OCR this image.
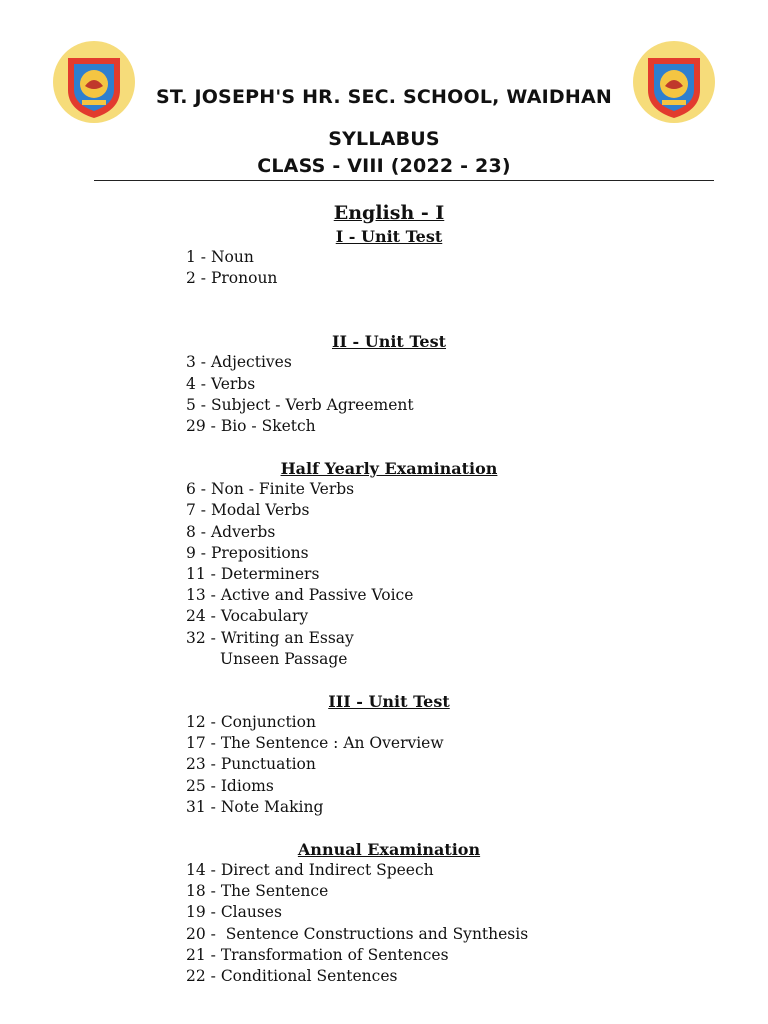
ST. JOSEPH'S HR. SEC. SCHOOL, WAIDHAN
SYLLABUS
CLASS - VIII (2022 - 23)
English - I
I - Unit Test
1 - Noun
2 - Pronoun
II - Unit Test
3 - Adjectives
4 - Verbs
5 - Subject - Verb Agreement
29 - Bio - Sketch
Half Yearly Examination
6 - Non - Finite Verbs
7 - Modal Verbs
8 - Adverbs
9 - Prepositions
11 - Determiners
13 - Active and Passive Voice
24 - Vocabulary
32 - Writing an Essay
Unseen Passage
III - Unit Test
12 - Conjunction
17 - The Sentence : An Overview
23 - Punctuation
25 - Idioms
31 - Note Making
Annual Examination
14 - Direct and Indirect Speech
18 - The Sentence
19 - Clauses
20 -  Sentence Constructions and Synthesis
21 - Transformation of Sentences
22 - Conditional Sentences
